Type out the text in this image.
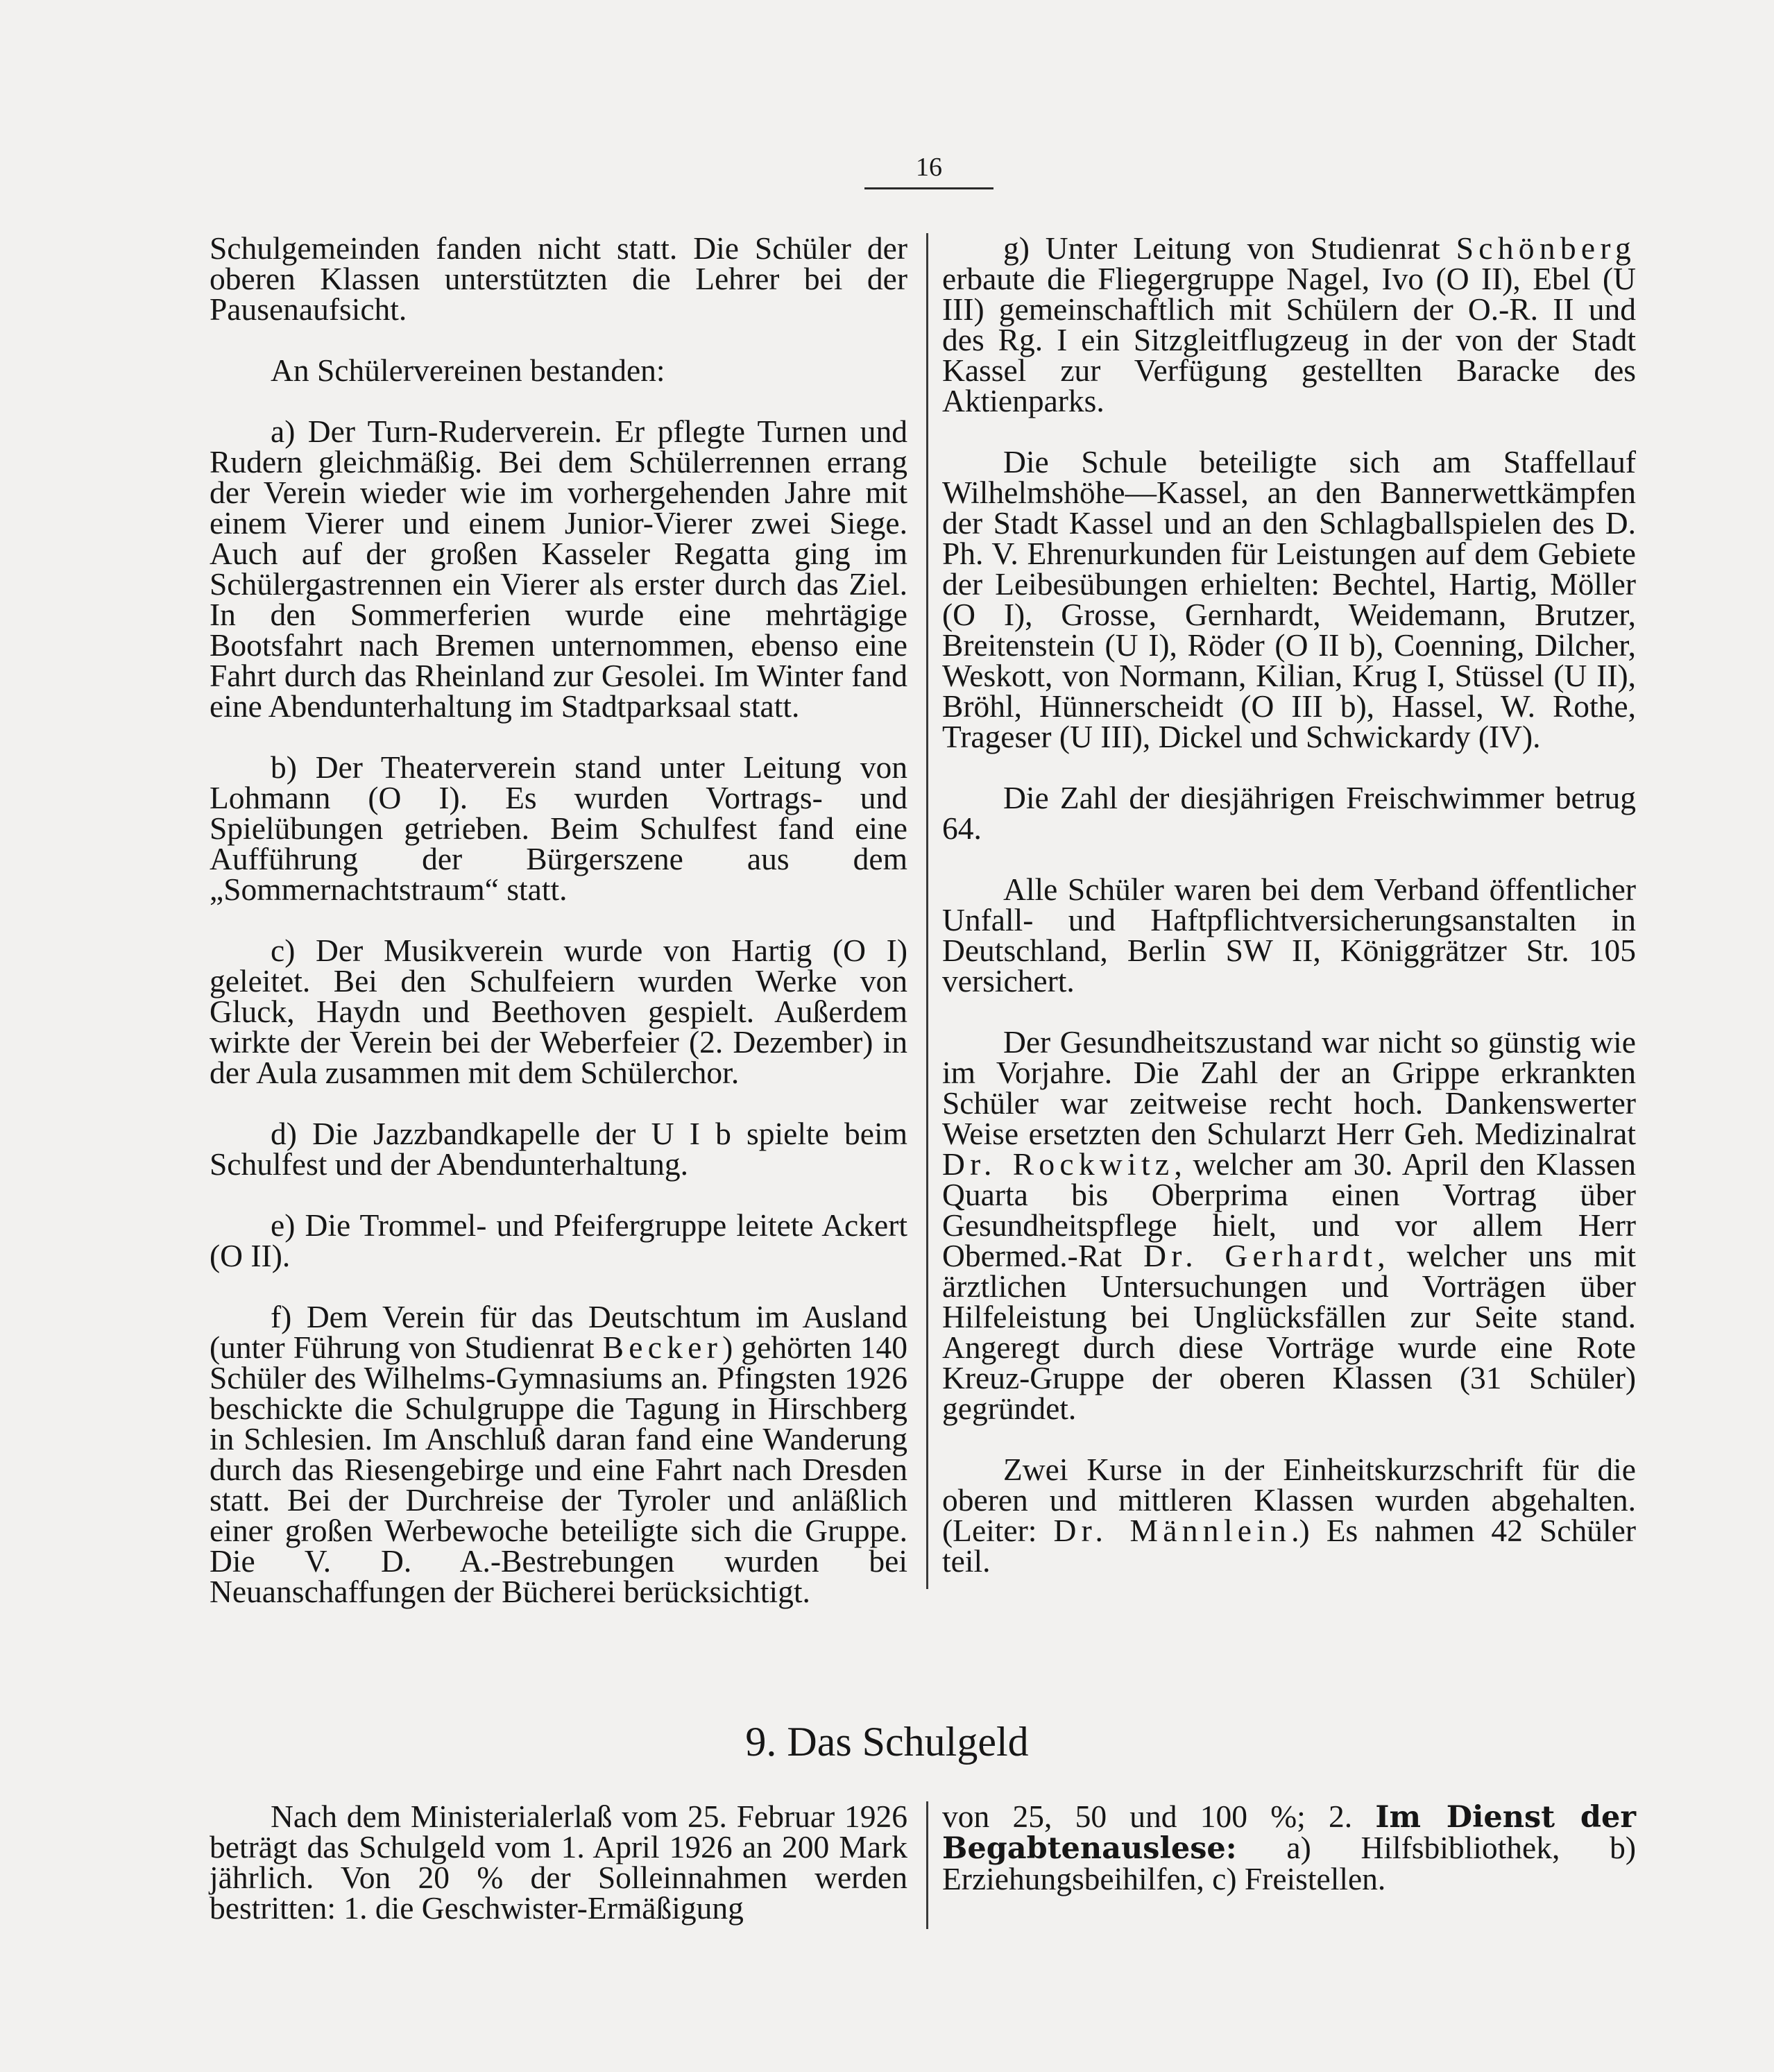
16

Schulgemeinden fanden nicht statt. Die Schüler der oberen Klassen unterstützten die Lehrer bei der Pausenaufsicht.

An Schülervereinen bestanden:

a) Der Turn-Ruderverein. Er pflegte Turnen und Rudern gleichmäßig. Bei dem Schülerrennen errang der Verein wieder wie im vorhergehenden Jahre mit einem Vierer und einem Junior-Vierer zwei Siege. Auch auf der großen Kasseler Regatta ging im Schülergastrennen ein Vierer als erster durch das Ziel. In den Sommerferien wurde eine mehrtägige Bootsfahrt nach Bremen unternommen, ebenso eine Fahrt durch das Rheinland zur Gesolei. Im Winter fand eine Abendunterhaltung im Stadtparksaal statt.

b) Der Theaterverein stand unter Leitung von Lohmann (O I). Es wurden Vortrags- und Spielübungen getrieben. Beim Schulfest fand eine Aufführung der Bürgerszene aus dem „Sommernachtstraum“ statt.

c) Der Musikverein wurde von Hartig (O I) geleitet. Bei den Schulfeiern wurden Werke von Gluck, Haydn und Beethoven gespielt. Außerdem wirkte der Verein bei der Weberfeier (2. Dezember) in der Aula zusammen mit dem Schülerchor.

d) Die Jazzbandkapelle der U I b spielte beim Schulfest und der Abendunterhaltung.

e) Die Trommel- und Pfeifergruppe leitete Ackert (O II).

f) Dem Verein für das Deutschtum im Ausland (unter Führung von Studienrat Becker) gehörten 140 Schüler des Wilhelms-Gymnasiums an. Pfingsten 1926 beschickte die Schulgruppe die Tagung in Hirschberg in Schlesien. Im Anschluß daran fand eine Wanderung durch das Riesengebirge und eine Fahrt nach Dresden statt. Bei der Durchreise der Tyroler und anläßlich einer großen Werbewoche beteiligte sich die Gruppe. Die V. D. A.-Bestrebungen wurden bei Neuanschaffungen der Bücherei berücksichtigt.

g) Unter Leitung von Studienrat Schönberg erbaute die Fliegergruppe Nagel, Ivo (O II), Ebel (U III) gemeinschaftlich mit Schülern der O.-R. II und des Rg. I ein Sitzgleitflugzeug in der von der Stadt Kassel zur Verfügung gestellten Baracke des Aktienparks.

Die Schule beteiligte sich am Staffellauf Wilhelmshöhe—Kassel, an den Bannerwettkämpfen der Stadt Kassel und an den Schlagballspielen des D. Ph. V. Ehrenurkunden für Leistungen auf dem Gebiete der Leibesübungen erhielten: Bechtel, Hartig, Möller (O I), Grosse, Gernhardt, Weidemann, Brutzer, Breitenstein (U I), Röder (O II b), Coenning, Dilcher, Weskott, von Normann, Kilian, Krug I, Stüssel (U II), Bröhl, Hünnerscheidt (O III b), Hassel, W. Rothe, Trageser (U III), Dickel und Schwickardy (IV).

Die Zahl der diesjährigen Freischwimmer betrug 64.

Alle Schüler waren bei dem Verband öffentlicher Unfall- und Haftpflichtversicherungsanstalten in Deutschland, Berlin SW II, Königgrätzer Str. 105 versichert.

Der Gesundheitszustand war nicht so günstig wie im Vorjahre. Die Zahl der an Grippe erkrankten Schüler war zeitweise recht hoch. Dankenswerter Weise ersetzten den Schularzt Herr Geh. Medizinalrat Dr. Rockwitz, welcher am 30. April den Klassen Quarta bis Oberprima einen Vortrag über Gesundheitspflege hielt, und vor allem Herr Obermed.-Rat Dr. Gerhardt, welcher uns mit ärztlichen Untersuchungen und Vorträgen über Hilfeleistung bei Unglücksfällen zur Seite stand. Angeregt durch diese Vorträge wurde eine Rote Kreuz-Gruppe der oberen Klassen (31 Schüler) gegründet.

Zwei Kurse in der Einheitskurzschrift für die oberen und mittleren Klassen wurden abgehalten. (Leiter: Dr. Männlein.) Es nahmen 42 Schüler teil.

9. Das Schulgeld

Nach dem Ministerialerlaß vom 25. Februar 1926 beträgt das Schulgeld vom 1. April 1926 an 200 Mark jährlich. Von 20 % der Solleinnahmen werden bestritten: 1. die Geschwister-Ermäßigung

von 25, 50 und 100 %; 2. Im Dienst der Begabtenauslese: a) Hilfsbibliothek, b) Erziehungsbeihilfen, c) Freistellen.
